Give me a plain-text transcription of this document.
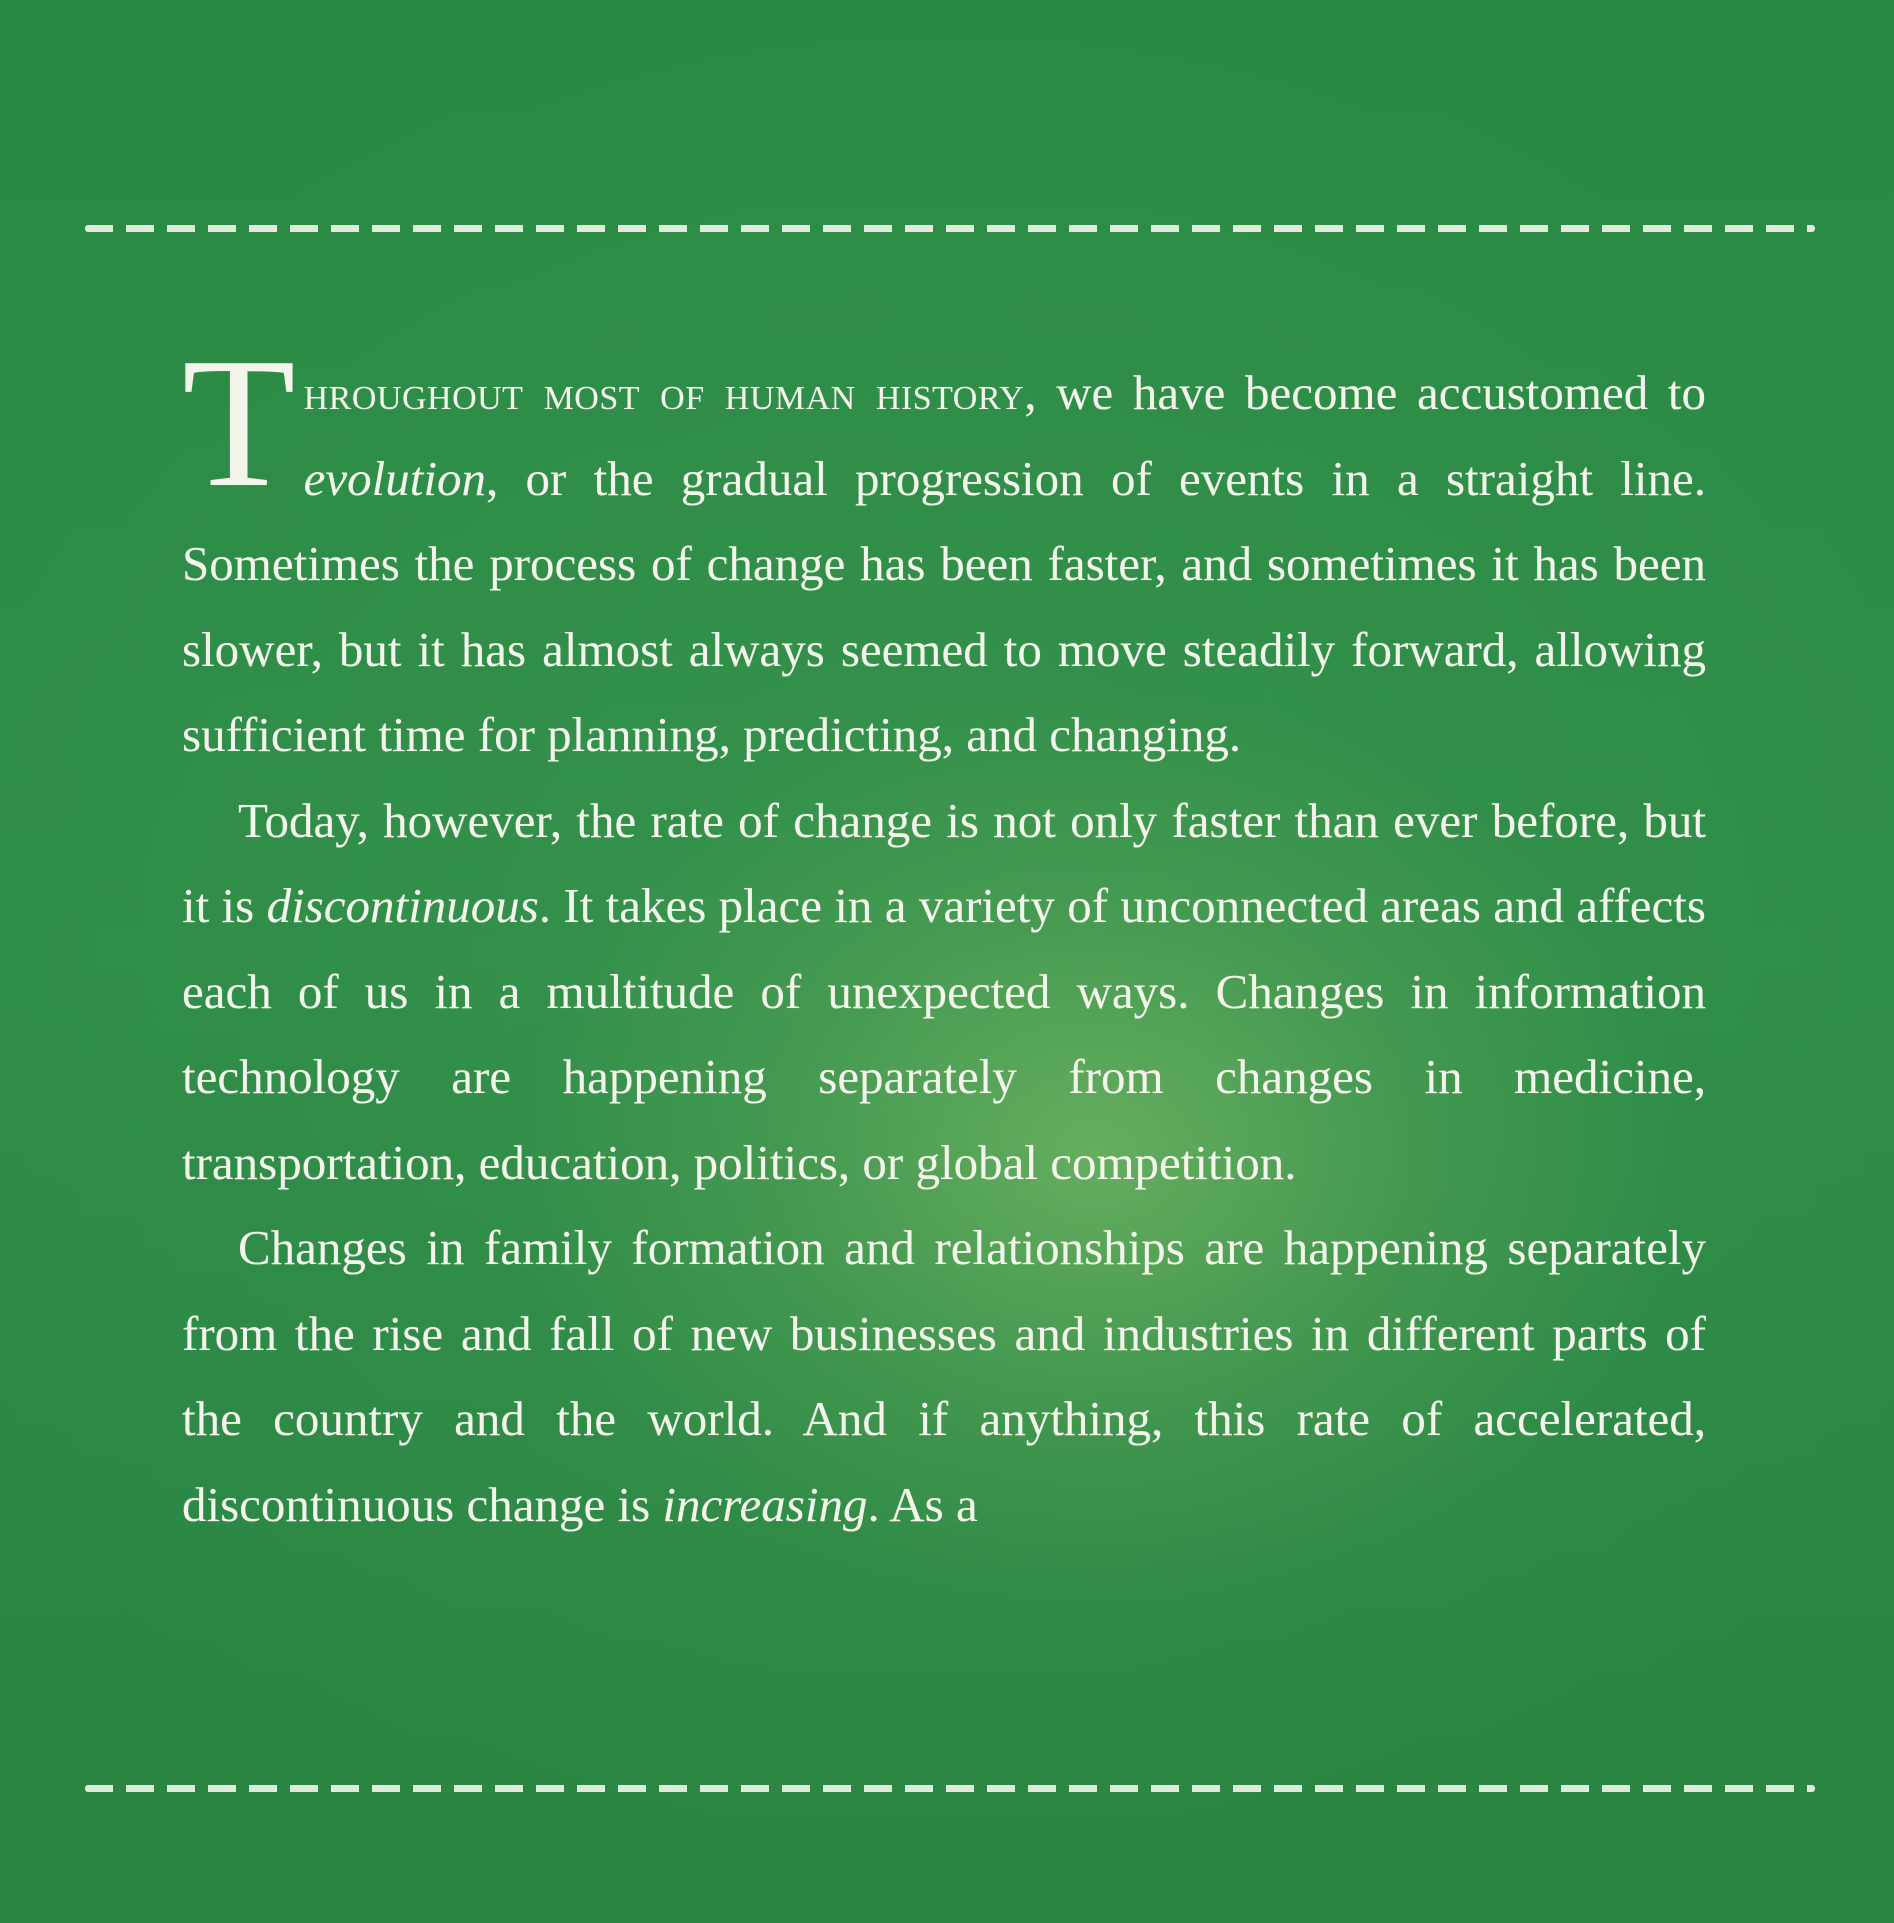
Throughout most of human history, we have become accustomed to evolution, or the gradual progression of events in a straight line. Sometimes the process of change has been faster, and sometimes it has been slower, but it has almost always seemed to move steadily forward, allowing sufficient time for planning, predicting, and changing.

Today, however, the rate of change is not only faster than ever before, but it is discontinuous. It takes place in a variety of unconnected areas and affects each of us in a multitude of unexpected ways. Changes in information technology are happening separately from changes in medicine, transportation, education, politics, or global competition.

Changes in family formation and relationships are happening separately from the rise and fall of new businesses and industries in different parts of the country and the world. And if anything, this rate of accelerated, discontinuous change is increasing. As a
